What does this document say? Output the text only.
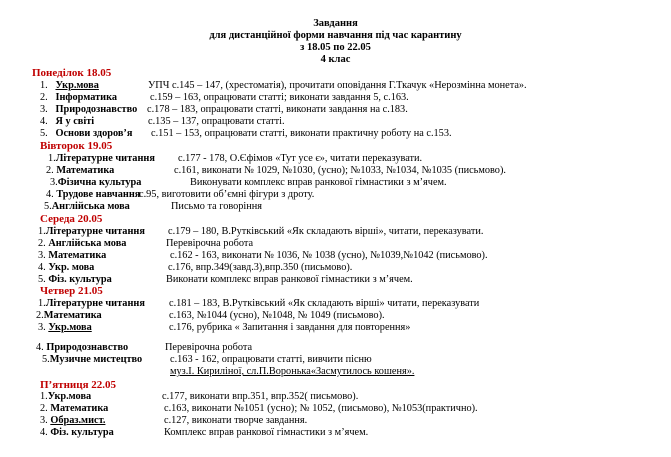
Завдання
для дистанційної форми навчання під час карантину
з 18.05 по 22.05
4 клас
Понеділок 18.05
1. Укр.мова	УПЧ с.145 – 147, (хрестоматія), прочитати оповідання Г.Ткачук «Нерозмінна монета».
2. Інформатика	с.159 – 163, опрацювати статті; виконати завдання 5, с.163.
3. Природознавство с.178 – 183, опрацювати статті, виконати завдання на с.183.
4. Я у світі	с.135 – 137, опрацювати статті.
5. Основи здоров’я с.151 – 153, опрацювати статті, виконати практичну роботу на с.153.
Вівторок 19.05
1.Літературне читання с.177 - 178, О.Єфімов «Тут усе є», читати переказувати.
2. Математика	с.161, виконати № 1029, №1030, (усно); №1033, №1034, №1035 (письмово).
3.Фізична культура	Виконувати комплекс вправ ранкової гімнастики з м’ячем.
4. Трудове навчання
с.95, виготовити об’ємні фігури з дроту.
5.Англійська мова	Письмо та говоріння
Середа 20.05
1.Літературне читання с.179 – 180, В.Рутківський «Як складають вірші», читати, переказувати.
2. Англійська мова	Перевірочна робота
3. Математика	с.162 - 163, виконати № 1036, № 1038 (усно), №1039,№1042 (письмово).
4. Укр. мова	с.176, впр.349(завд.3),впр.350 (письмово).
5. Фіз. культура	Виконати комплекс вправ ранкової гімнастики з м’ячем.
Четвер 21.05
1.Літературне читання с.181 – 183, В.Рутківський «Як складають вірші» читати, переказувати
2.Математика	с.163, №1044 (усно), №1048, № 1049 (письмово).
3. Укр.мова	с.176, рубрика « Запитання і завдання для повторення»
4. Природознавство	Перевірочна робота
5.Музичне мистецтво	с.163 - 162, опрацювати статті, вивчити пісню
муз.І. Кириліної, сл.П.Воронька«Засмутилось кошеня».
П’ятниця 22.05
1.Укр.мова	с.177, виконати впр.351, впр.352( письмово).
2. Математика	с.163, виконати №1051 (усно); № 1052, (письмово), №1053(практично).
3. Образ.мист.	с.127, виконати творче завдання.
4. Фіз. культура	Комплекс вправ ранкової гімнастики з м’ячем.
